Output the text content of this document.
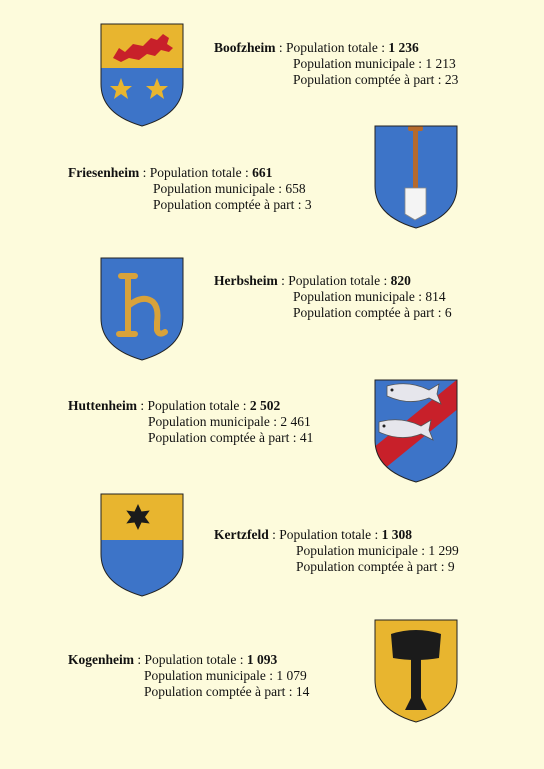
Boofzheim : Population totale : 1 236
Population municipale : 1 213
Population comptée à part : 23
Friesenheim : Population totale : 661
Population municipale : 658
Population comptée à part : 3
Herbsheim : Population totale : 820
Population municipale : 814
Population comptée à part : 6
Huttenheim : Population totale : 2 502
Population municipale : 2 461
Population comptée à part : 41
Kertzfeld : Population totale : 1 308
Population municipale : 1 299
Population comptée à part : 9
Kogenheim : Population totale : 1 093
Population municipale : 1 079
Population comptée à part : 14
